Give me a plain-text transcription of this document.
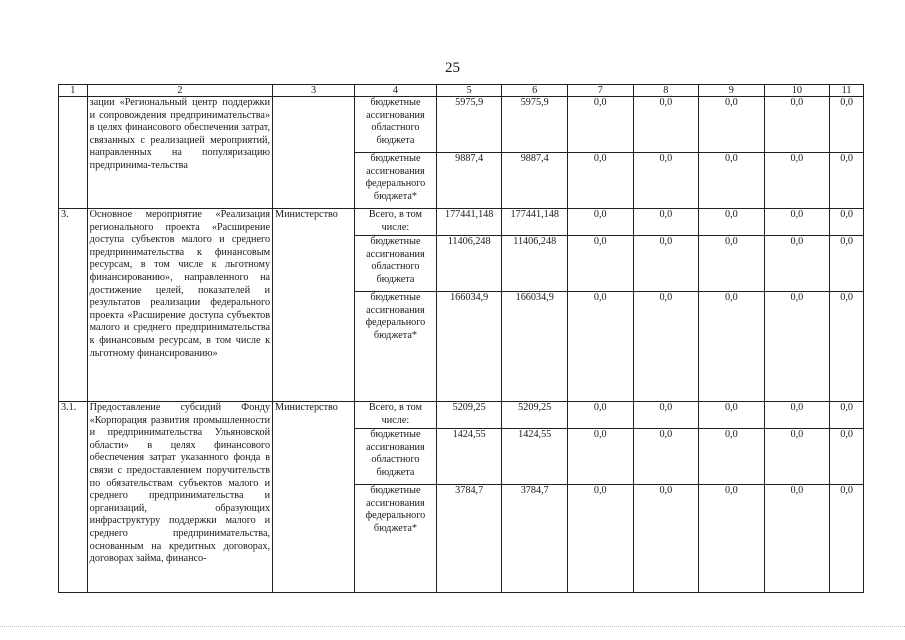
25
1	2	3	4	5	6	7	8	9	10	11
	зации «Региональный центр поддержки и сопровождения предпринимательства» в целях финансового обеспечения затрат, связанных с реализацией мероприятий, направленных на популяризацию предпринима-тельства		бюджетные ассигнования областного бюджета	5975,9	5975,9	0,0	0,0	0,0	0,0	0,0
			бюджетные ассигнования федерального бюджета*	9887,4	9887,4	0,0	0,0	0,0	0,0	0,0
3.	Основное мероприятие «Реализация регионального проекта «Расширение доступа субъектов малого и среднего предпринимательства к финансовым ресурсам, в том числе к льготному финансированию», направленного на достижение целей, показателей и результатов реализации федерального проекта «Расширение доступа субъектов малого и среднего предпринимательства к финансовым ресурсам, в том числе к льготному финансированию»	Министерство	Всего, в том числе:	177441,148	177441,148	0,0	0,0	0,0	0,0	0,0
			бюджетные ассигнования областного бюджета	11406,248	11406,248	0,0	0,0	0,0	0,0	0,0
			бюджетные ассигнования федерального бюджета*	166034,9	166034,9	0,0	0,0	0,0	0,0	0,0
3.1.	Предоставление субсидий Фонду «Корпорация развития промышленности и предпринимательства Ульяновской области» в целях финансового обеспечения затрат указанного фонда в связи с предоставлением поручительств по обязательствам субъектов малого и среднего предпринимательства и организаций, образующих инфраструктуру поддержки малого и среднего предпринимательства, основанным на кредитных договорах, договорах займа, финансо-	Министерство	Всего, в том числе:	5209,25	5209,25	0,0	0,0	0,0	0,0	0,0
			бюджетные ассигнования областного бюджета	1424,55	1424,55	0,0	0,0	0,0	0,0	0,0
			бюджетные ассигнования федерального бюджета*	3784,7	3784,7	0,0	0,0	0,0	0,0	0,0
